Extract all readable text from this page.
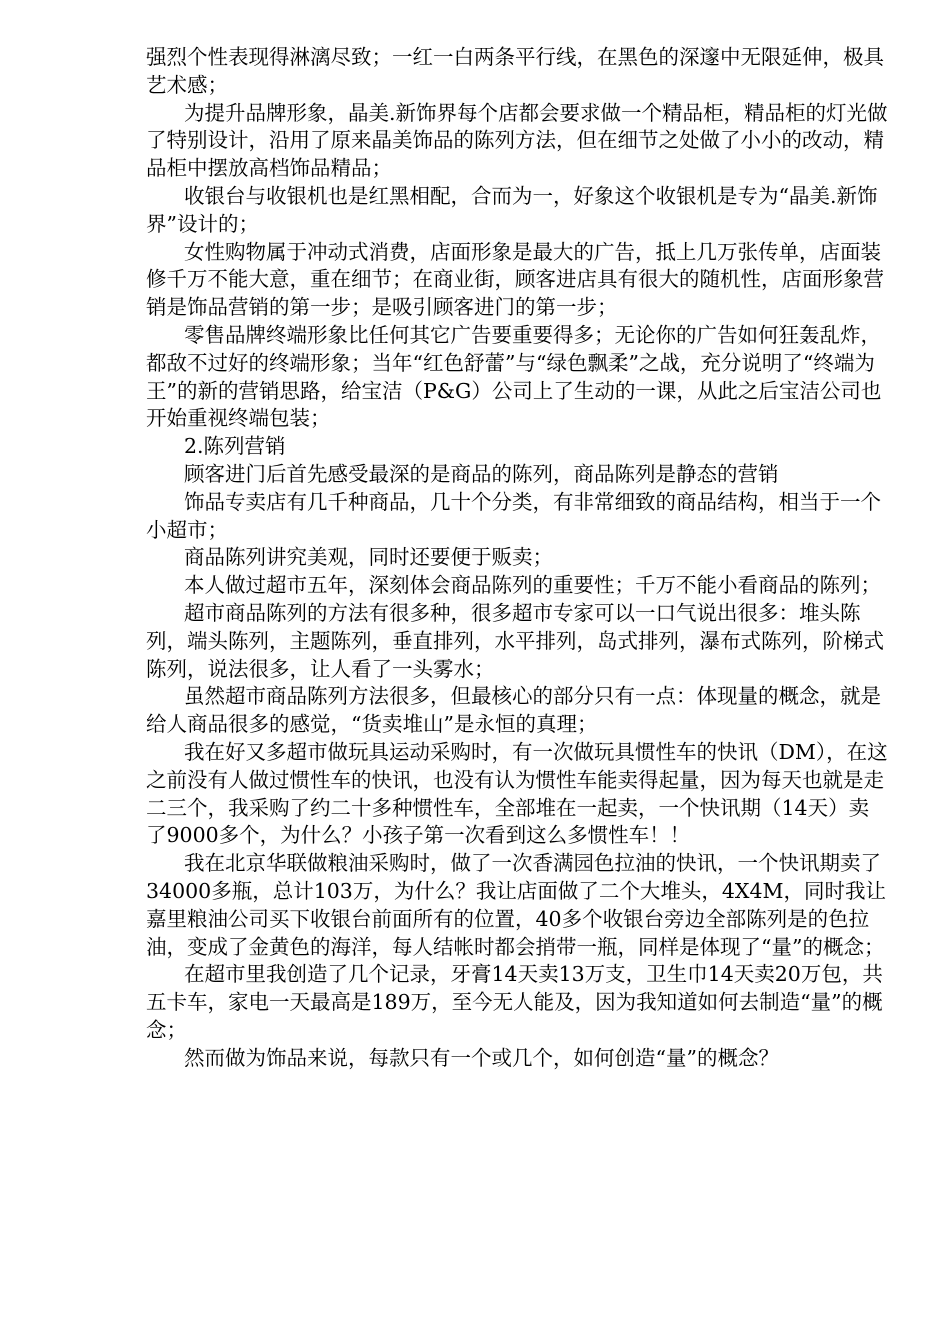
强烈个性表现得淋漓尽致；一红一白两条平行线，在黑色的深邃中无限延伸，极具艺术感；

为提升品牌形象，晶美.新饰界每个店都会要求做一个精品柜，精品柜的灯光做了特别设计，沿用了原来晶美饰品的陈列方法，但在细节之处做了小小的改动，精品柜中摆放高档饰品精品；

收银台与收银机也是红黑相配，合而为一，好象这个收银机是专为“晶美.新饰界”设计的；

女性购物属于冲动式消费，店面形象是最大的广告，抵上几万张传单，店面装修千万不能大意，重在细节；在商业街，顾客进店具有很大的随机性，店面形象营销是饰品营销的第一步；是吸引顾客进门的第一步；

零售品牌终端形象比任何其它广告要重要得多；无论你的广告如何狂轰乱炸，都敌不过好的终端形象；当年“红色舒蕾”与“绿色飘柔”之战，充分说明了“终端为王”的新的营销思路，给宝洁（P&G）公司上了生动的一课，从此之后宝洁公司也开始重视终端包装；

2.陈列营销

顾客进门后首先感受最深的是商品的陈列，商品陈列是静态的营销

饰品专卖店有几千种商品，几十个分类，有非常细致的商品结构，相当于一个小超市；

商品陈列讲究美观，同时还要便于贩卖；

本人做过超市五年，深刻体会商品陈列的重要性；千万不能小看商品的陈列；

超市商品陈列的方法有很多种，很多超市专家可以一口气说出很多：堆头陈列，端头陈列，主题陈列，垂直排列，水平排列，岛式排列，瀑布式陈列，阶梯式陈列，说法很多，让人看了一头雾水；

虽然超市商品陈列方法很多，但最核心的部分只有一点：体现量的概念，就是给人商品很多的感觉，“货卖堆山”是永恒的真理；

我在好又多超市做玩具运动采购时，有一次做玩具惯性车的快讯（DM），在这之前没有人做过惯性车的快讯，也没有认为惯性车能卖得起量，因为每天也就是走二三个，我采购了约二十多种惯性车，全部堆在一起卖，一个快讯期（14天）卖了9000多个，为什么？小孩子第一次看到这么多惯性车！！

我在北京华联做粮油采购时，做了一次香满园色拉油的快讯，一个快讯期卖了34000多瓶，总计103万，为什么？我让店面做了二个大堆头，4X4M，同时我让嘉里粮油公司买下收银台前面所有的位置，40多个收银台旁边全部陈列是的色拉油，变成了金黄色的海洋，每人结帐时都会捎带一瓶，同样是体现了“量”的概念；

在超市里我创造了几个记录，牙膏14天卖13万支，卫生巾14天卖20万包，共五卡车，家电一天最高是189万，至今无人能及，因为我知道如何去制造“量”的概念；

然而做为饰品来说，每款只有一个或几个，如何创造“量”的概念？
